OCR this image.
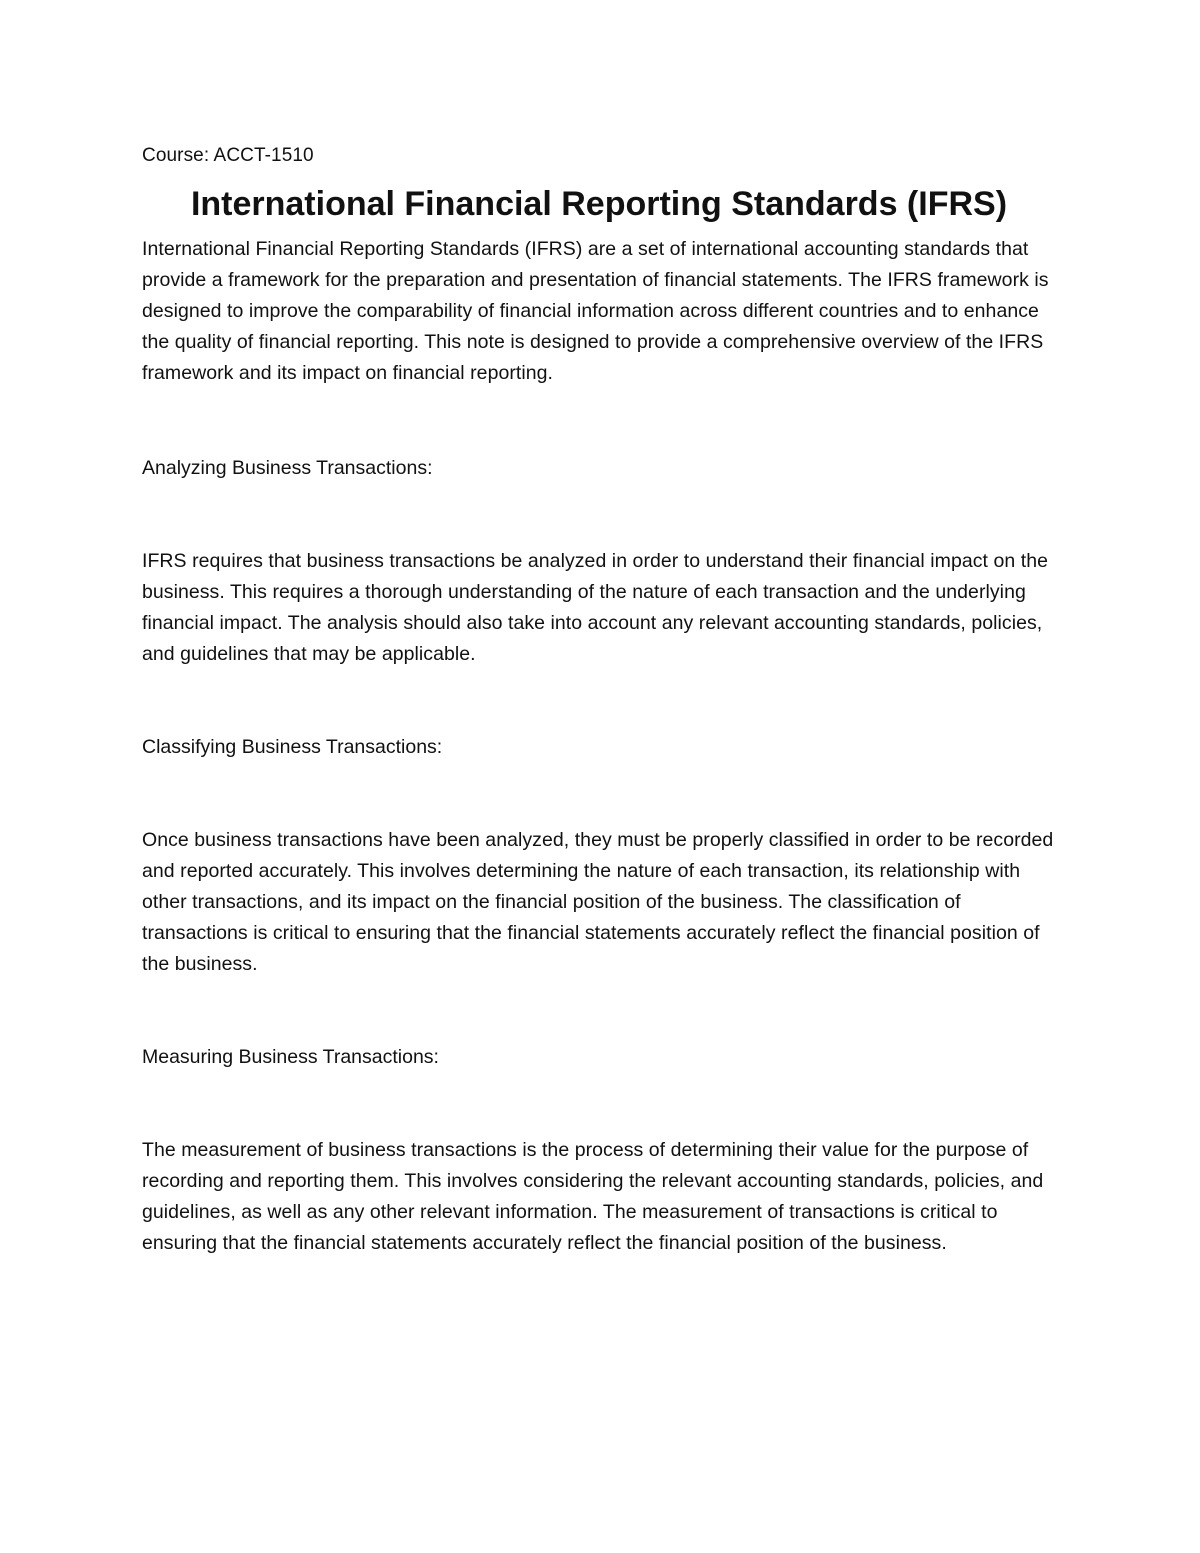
Course: ACCT-1510

International Financial Reporting Standards (IFRS)

International Financial Reporting Standards (IFRS) are a set of international accounting standards that provide a framework for the preparation and presentation of financial statements. The IFRS framework is designed to improve the comparability of financial information across different countries and to enhance the quality of financial reporting. This note is designed to provide a comprehensive overview of the IFRS framework and its impact on financial reporting.

Analyzing Business Transactions:

IFRS requires that business transactions be analyzed in order to understand their financial impact on the business. This requires a thorough understanding of the nature of each transaction and the underlying financial impact. The analysis should also take into account any relevant accounting standards, policies, and guidelines that may be applicable.

Classifying Business Transactions:

Once business transactions have been analyzed, they must be properly classified in order to be recorded and reported accurately. This involves determining the nature of each transaction, its relationship with other transactions, and its impact on the financial position of the business. The classification of transactions is critical to ensuring that the financial statements accurately reflect the financial position of the business.

Measuring Business Transactions:

The measurement of business transactions is the process of determining their value for the purpose of recording and reporting them. This involves considering the relevant accounting standards, policies, and guidelines, as well as any other relevant information. The measurement of transactions is critical to ensuring that the financial statements accurately reflect the financial position of the business.
